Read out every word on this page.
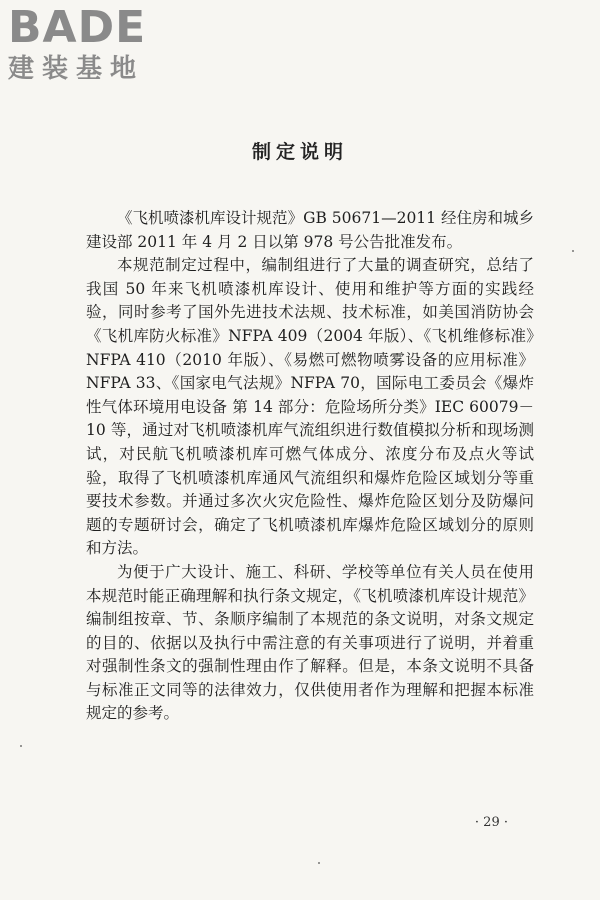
BADE
建装基地
制定说明

《飞机喷漆机库设计规范》GB 50671—2011 经住房和城乡建设部 2011 年 4 月 2 日以第 978 号公告批准发布。

本规范制定过程中，编制组进行了大量的调查研究，总结了我国 50 年来飞机喷漆机库设计、使用和维护等方面的实践经验，同时参考了国外先进技术法规、技术标准，如美国消防协会《飞机库防火标准》NFPA 409（2004 年版）、《飞机维修标准》NFPA 410（2010 年版）、《易燃可燃物喷雾设备的应用标准》NFPA 33、《国家电气法规》NFPA 70，国际电工委员会《爆炸性气体环境用电设备 第 14 部分：危险场所分类》IEC 60079－10 等，通过对飞机喷漆机库气流组织进行数值模拟分析和现场测试，对民航飞机喷漆机库可燃气体成分、浓度分布及点火等试验，取得了飞机喷漆机库通风气流组织和爆炸危险区域划分等重要技术参数。并通过多次火灾危险性、爆炸危险区划分及防爆问题的专题研讨会，确定了飞机喷漆机库爆炸危险区域划分的原则和方法。

为便于广大设计、施工、科研、学校等单位有关人员在使用本规范时能正确理解和执行条文规定，《飞机喷漆机库设计规范》编制组按章、节、条顺序编制了本规范的条文说明，对条文规定的目的、依据以及执行中需注意的有关事项进行了说明，并着重对强制性条文的强制性理由作了解释。但是，本条文说明不具备与标准正文同等的法律效力，仅供使用者作为理解和把握本标准规定的参考。

· 29 ·
